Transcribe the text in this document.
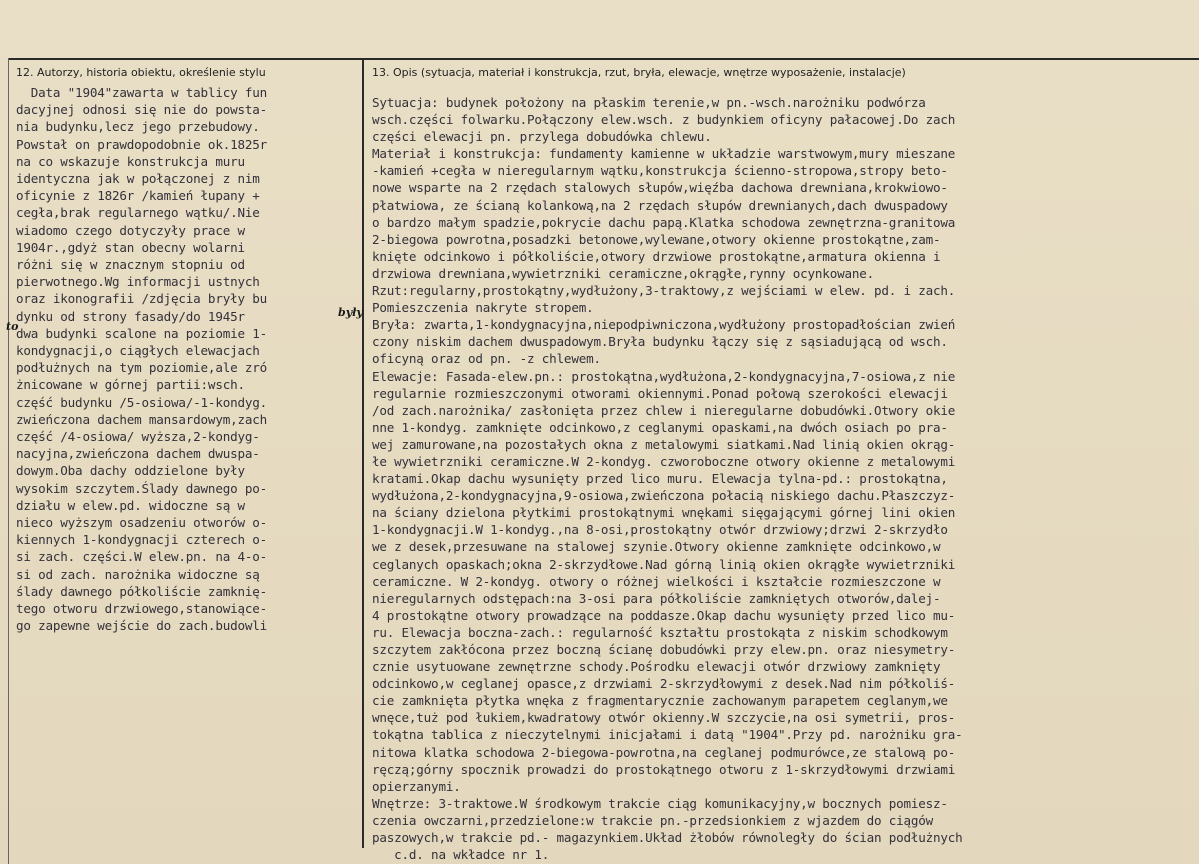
12. Autorzy, historia obiektu, określenie stylu	13. Opis (sytuacja, materiał i konstrukcja, rzut, bryła, elewacje, wnętrze wyposażenie, instalacje)
Data "1904"zawarta w tablicy fun
dacyjnej odnosi się nie do powsta-
nia budynku,lecz jego przebudowy.
Powstał on prawdopodobnie ok.1825r
na co wskazuje konstrukcja muru
identyczna jak w połączonej z nim
oficynie z 1826r /kamień łupany +
cegła,brak regularnego wątku/.Nie
wiadomo czego dotyczyły prace w
1904r.,gdyż stan obecny wolarni
różni się w znacznym stopniu od
pierwotnego.Wg informacji ustnych
oraz ikonografii /zdjęcia bryły bu
dynku od strony fasady/do 1945r
dwa budynki scalone na poziomie 1-
kondygnacji,o ciągłych elewacjach
podłużnych na tym poziomie,ale zró
żnicowane w górnej partii:wsch.
część budynku /5-osiowa/-1-kondyg.
zwieńczona dachem mansardowym,zach
część /4-osiowa/ wyższa,2-kondyg-
nacyjna,zwieńczona dachem dwuspa-
dowym.Oba dachy oddzielone były
wysokim szczytem.Ślady dawnego po-
działu w elew.pd. widoczne są w
nieco wyższym osadzeniu otworów o-
kiennych 1-kondygnacji czterech o-
si zach. części.W elew.pn. na 4-o-
si od zach. narożnika widoczne są
ślady dawnego półkoliście zamknię-
tego otworu drzwiowego,stanowiące-
go zapewne wejście do zach.budowli
Sytuacja: budynek położony na płaskim terenie,w pn.-wsch.narożniku podwórza
wsch.części folwarku.Połączony elew.wsch. z budynkiem oficyny pałacowej.Do zach
części elewacji pn. przylega dobudówka chlewu.
Materiał i konstrukcja: fundamenty kamienne w układzie warstwowym,mury mieszane
-kamień +cegła w nieregularnym wątku,konstrukcja ścienno-stropowa,stropy beto-
nowe wsparte na 2 rzędach stalowych słupów,więźba dachowa drewniana,krokwiowo-
płatwiowa, ze ścianą kolankową,na 2 rzędach słupów drewnianych,dach dwuspadowy
o bardzo małym spadzie,pokrycie dachu papą.Klatka schodowa zewnętrzna-granitowa
2-biegowa powrotna,posadzki betonowe,wylewane,otwory okienne prostokątne,zam-
knięte odcinkowo i półkoliście,otwory drzwiowe prostokątne,armatura okienna i
drzwiowa drewniana,wywietrzniki ceramiczne,okrągłe,rynny ocynkowane.
Rzut:regularny,prostokątny,wydłużony,3-traktowy,z wejściami w elew. pd. i zach.
Pomieszczenia nakryte stropem.
Bryła: zwarta,1-kondygnacyjna,niepodpiwniczona,wydłużony prostopadłościan zwień
czony niskim dachem dwuspadowym.Bryła budynku łączy się z sąsiadującą od wsch.
oficyną oraz od pn. -z chlewem.
Elewacje: Fasada-elew.pn.: prostokątna,wydłużona,2-kondygnacyjna,7-osiowa,z nie
regularnie rozmieszczonymi otworami okiennymi.Ponad połową szerokości elewacji
/od zach.narożnika/ zasłonięta przez chlew i nieregularne dobudówki.Otwory okie
nne 1-kondyg. zamknięte odcinkowo,z ceglanymi opaskami,na dwóch osiach po pra-
wej zamurowane,na pozostałych okna z metalowymi siatkami.Nad linią okien okrąg-
łe wywietrzniki ceramiczne.W 2-kondyg. czworoboczne otwory okienne z metalowymi
kratami.Okap dachu wysunięty przed lico muru. Elewacja tylna-pd.: prostokątna,
wydłużona,2-kondygnacyjna,9-osiowa,zwieńczona połacią niskiego dachu.Płaszczyz-
na ściany dzielona płytkimi prostokątnymi wnękami sięgającymi górnej lini okien
1-kondygnacji.W 1-kondyg.,na 8-osi,prostokątny otwór drzwiowy;drzwi 2-skrzydło
we z desek,przesuwane na stalowej szynie.Otwory okienne zamknięte odcinkowo,w
ceglanych opaskach;okna 2-skrzydłowe.Nad górną linią okien okrągłe wywietrzniki
ceramiczne. W 2-kondyg. otwory o różnej wielkości i kształcie rozmieszczone w
nieregularnych odstępach:na 3-osi para półkoliście zamkniętych otworów,dalej-
4 prostokątne otwory prowadzące na poddasze.Okap dachu wysunięty przed lico mu-
ru. Elewacja boczna-zach.: regularność kształtu prostokąta z niskim schodkowym
szczytem zakłócona przez boczną ścianę dobudówki przy elew.pn. oraz niesymetry-
cznie usytuowane zewnętrzne schody.Pośrodku elewacji otwór drzwiowy zamknięty
odcinkowo,w ceglanej opasce,z drzwiami 2-skrzydłowymi z desek.Nad nim półkoliś-
cie zamknięta płytka wnęka z fragmentarycznie zachowanym parapetem ceglanym,we
wnęce,tuż pod łukiem,kwadratowy otwór okienny.W szczycie,na osi symetrii, pros-
tokątna tablica z nieczytelnymi inicjałami i datą "1904".Przy pd. narożniku gra-
nitowa klatka schodowa 2-biegowa-powrotna,na ceglanej podmurówce,ze stalową po-
ręczą;górny spocznik prowadzi do prostokątnego otworu z 1-skrzydłowymi drzwiami
opierzanymi.
Wnętrze: 3-traktowe.W środkowym trakcie ciąg komunikacyjny,w bocznych pomiesz-
czenia owczarni,przedzielone:w trakcie pn.-przedsionkiem z wjazdem do ciągów
paszowych,w trakcie pd.- magazynkiem.Układ żłobów równoległy do ścian podłużnych
c.d. na wkładce nr 1.
to
były
